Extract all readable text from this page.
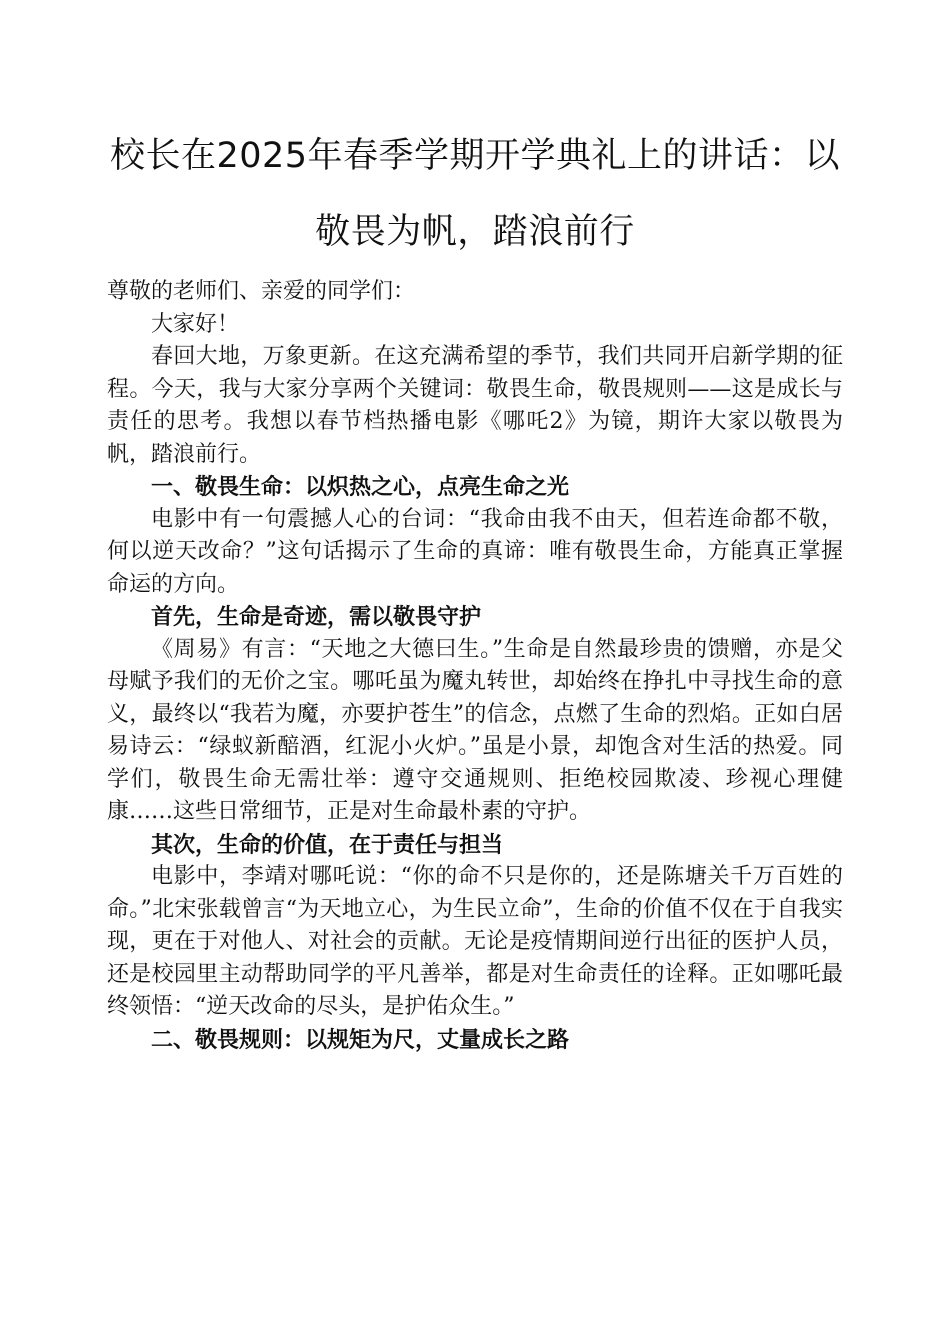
校长在2025年春季学期开学典礼上的讲话：以敬畏为帆，踏浪前行

尊敬的老师们、亲爱的同学们：

大家好！

春回大地，万象更新。在这充满希望的季节，我们共同开启新学期的征程。今天，我与大家分享两个关键词：敬畏生命，敬畏规则——这是成长与责任的思考。我想以春节档热播电影《哪吒2》为镜，期许大家以敬畏为帆，踏浪前行。

一、敬畏生命：以炽热之心，点亮生命之光

电影中有一句震撼人心的台词：“我命由我不由天，但若连命都不敬，何以逆天改命？”这句话揭示了生命的真谛：唯有敬畏生命，方能真正掌握命运的方向。

首先，生命是奇迹，需以敬畏守护

《周易》有言：“天地之大德曰生。”生命是自然最珍贵的馈赠，亦是父母赋予我们的无价之宝。哪吒虽为魔丸转世，却始终在挣扎中寻找生命的意义，最终以“我若为魔，亦要护苍生”的信念，点燃了生命的烈焰。正如白居易诗云：“绿蚁新醅酒，红泥小火炉。”虽是小景，却饱含对生活的热爱。同学们，敬畏生命无需壮举：遵守交通规则、拒绝校园欺凌、珍视心理健康……这些日常细节，正是对生命最朴素的守护。

其次，生命的价值，在于责任与担当

电影中，李靖对哪吒说：“你的命不只是你的，还是陈塘关千万百姓的命。”北宋张载曾言“为天地立心，为生民立命”，生命的价值不仅在于自我实现，更在于对他人、对社会的贡献。无论是疫情期间逆行出征的医护人员，还是校园里主动帮助同学的平凡善举，都是对生命责任的诠释。正如哪吒最终领悟：“逆天改命的尽头，是护佑众生。”

二、敬畏规则：以规矩为尺，丈量成长之路
